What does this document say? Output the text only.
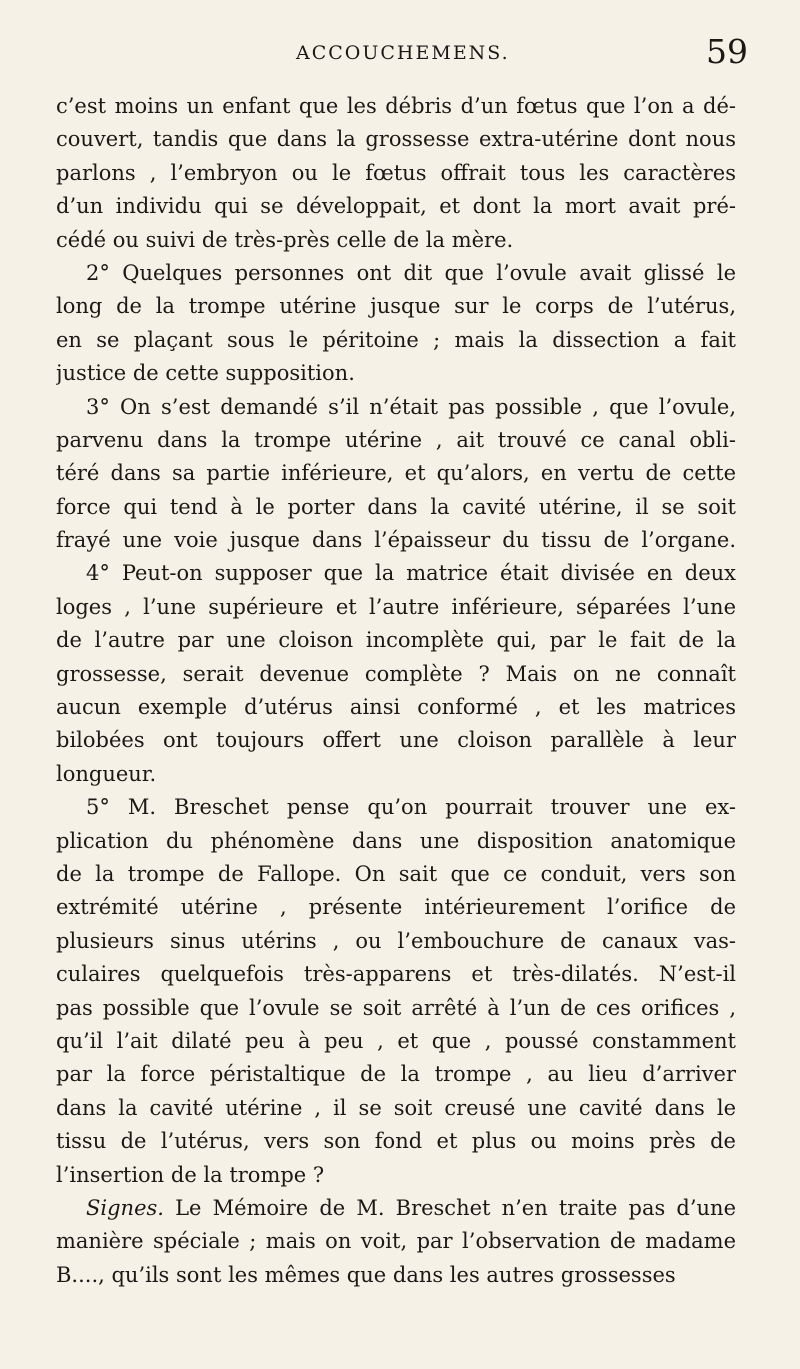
ACCOUCHEMENS.	59
c’est moins un enfant que les débris d’un fœtus que l’on a dé-
couvert, tandis que dans la grossesse extra-utérine dont nous
parlons , l’embryon ou le fœtus offrait tous les caractères
d’un individu qui se développait, et dont la mort avait pré-
cédé ou suivi de très-près celle de la mère.
2° Quelques personnes ont dit que l’ovule avait glissé le
long de la trompe utérine jusque sur le corps de l’utérus,
en se plaçant sous le péritoine ; mais la dissection a fait
justice de cette supposition.
3° On s’est demandé s’il n’était pas possible , que l’ovule,
parvenu dans la trompe utérine , ait trouvé ce canal obli-
téré dans sa partie inférieure, et qu’alors, en vertu de cette
force qui tend à le porter dans la cavité utérine, il se soit
frayé une voie jusque dans l’épaisseur du tissu de l’organe.
4° Peut-on supposer que la matrice était divisée en deux
loges , l’une supérieure et l’autre inférieure, séparées l’une
de l’autre par une cloison incomplète qui, par le fait de la
grossesse, serait devenue complète ? Mais on ne connaît
aucun exemple d’utérus ainsi conformé , et les matrices
bilobées ont toujours offert une cloison parallèle à leur
longueur.
5° M. Breschet pense qu’on pourrait trouver une ex-
plication du phénomène dans une disposition anatomique
de la trompe de Fallope. On sait que ce conduit, vers son
extrémité utérine , présente intérieurement l’orifice de
plusieurs sinus utérins , ou l’embouchure de canaux vas-
culaires quelquefois très-apparens et très-dilatés. N’est-il
pas possible que l’ovule se soit arrêté à l’un de ces orifices ,
qu’il l’ait dilaté peu à peu , et que , poussé constamment
par la force péristaltique de la trompe , au lieu d’arriver
dans la cavité utérine , il se soit creusé une cavité dans le
tissu de l’utérus, vers son fond et plus ou moins près de
l’insertion de la trompe ?
Signes. Le Mémoire de M. Breschet n’en traite pas d’une
manière spéciale ; mais on voit, par l’observation de madame
B...., qu’ils sont les mêmes que dans les autres grossesses
